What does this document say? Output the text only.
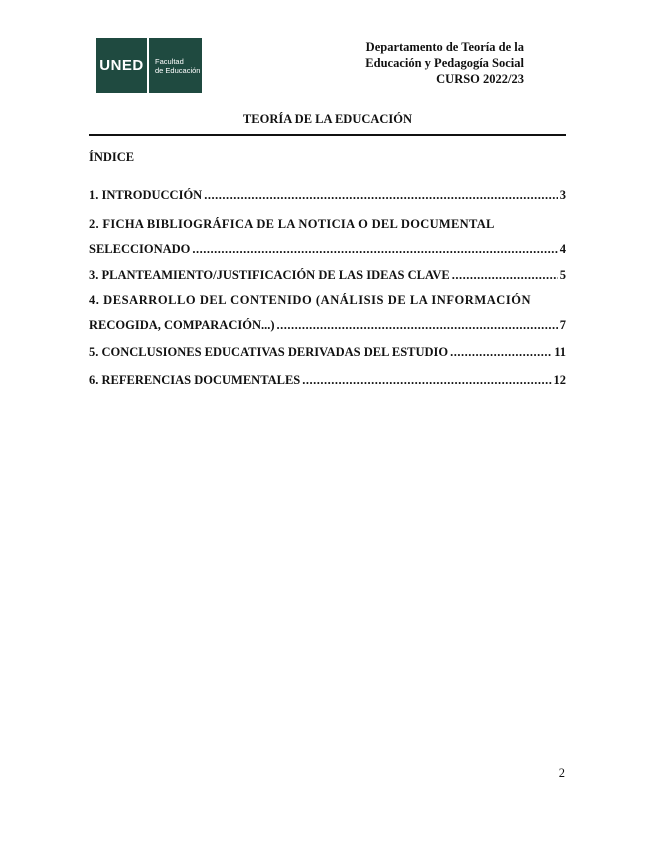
UNED Facultad
de Educación
Departamento de Teoría de la
Educación y Pedagogía Social
CURSO 2022/23
TEORÍA DE LA EDUCACIÓN
ÍNDICE
1. INTRODUCCIÓN .....	3
2. FICHA BIBLIOGRÁFICA DE LA NOTICIA O DEL DOCUMENTAL
SELECCIONADO .....	4
3. PLANTEAMIENTO/JUSTIFICACIÓN DE LAS IDEAS CLAVE .....	5
4. DESARROLLO DEL CONTENIDO (ANÁLISIS DE LA INFORMACIÓN
RECOGIDA, COMPARACIÓN...) .....	7
5. CONCLUSIONES EDUCATIVAS DERIVADAS DEL ESTUDIO .....	11
6. REFERENCIAS DOCUMENTALES .....	12
2
